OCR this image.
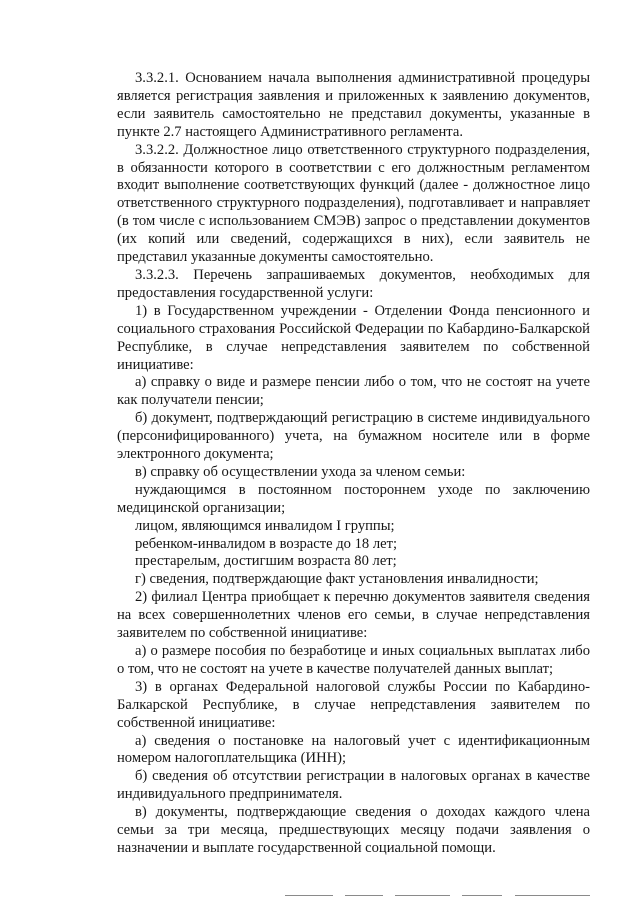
3.3.2.1. Основанием начала выполнения административной процедуры является регистрация заявления и приложенных к заявлению документов, если заявитель самостоятельно не представил документы, указанные в пункте 2.7 настоящего Административного регламента.

3.3.2.2. Должностное лицо ответственного структурного подразделения, в обязанности которого в соответствии с его должностным регламентом входит выполнение соответствующих функций (далее - должностное лицо ответственного структурного подразделения), подготавливает и направляет (в том числе с использованием СМЭВ) запрос о представлении документов (их копий или сведений, содержащихся в них), если заявитель не представил указанные документы самостоятельно.

3.3.2.3. Перечень запрашиваемых документов, необходимых для предоставления государственной услуги:

1) в Государственном учреждении - Отделении Фонда пенсионного и социального страхования Российской Федерации по Кабардино-Балкарской Республике, в случае непредставления заявителем по собственной инициативе:

а) справку о виде и размере пенсии либо о том, что не состоят на учете как получатели пенсии;

б) документ, подтверждающий регистрацию в системе индивидуального (персонифицированного) учета, на бумажном носителе или в форме электронного документа;

в) справку об осуществлении ухода за членом семьи:

нуждающимся в постоянном постороннем уходе по заключению медицинской организации;

лицом, являющимся инвалидом I группы;

ребенком-инвалидом в возрасте до 18 лет;

престарелым, достигшим возраста 80 лет;

г) сведения, подтверждающие факт установления инвалидности;

2) филиал Центра приобщает к перечню документов заявителя сведения на всех совершеннолетних членов его семьи, в случае непредставления заявителем по собственной инициативе:

а) о размере пособия по безработице и иных социальных выплатах либо о том, что не состоят на учете в качестве получателей данных выплат;

3) в органах Федеральной налоговой службы России по Кабардино-Балкарской Республике, в случае непредставления заявителем по собственной инициативе:

а) сведения о постановке на налоговый учет с идентификационным номером налогоплательщика (ИНН);

б) сведения об отсутствии регистрации в налоговых органах в качестве индивидуального предпринимателя.

в) документы, подтверждающие сведения о доходах каждого члена семьи за три месяца, предшествующих месяцу подачи заявления о назначении и выплате государственной социальной помощи.
